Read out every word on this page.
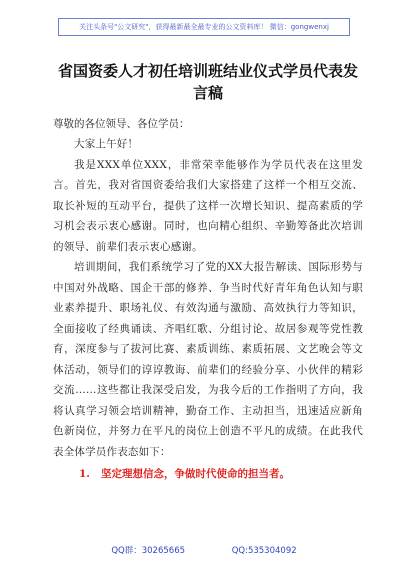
关注头条号"公文研究"，获得最新最全最专业的公文资料库！ 微信：gongwenxj
省国资委人才初任培训班结业仪式学员代表发言稿

尊敬的各位领导、各位学员：

大家上午好！

我是XXX单位XXX，非常荣幸能够作为学员代表在这里发言。首先，我对省国资委给我们大家搭建了这样一个相互交流、取长补短的互动平台，提供了这样一次增长知识、提高素质的学习机会表示衷心感谢。同时，也向精心组织、辛勤筹备此次培训的领导、前辈们表示衷心感谢。

培训期间，我们系统学习了党的XX大报告解读、国际形势与中国对外战略、国企干部的修养、争当时代好青年角色认知与职业素养提升、职场礼仪、有效沟通与激励、高效执行力等知识，全面接收了经典诵读、齐唱红歌、分组讨论、故居参观等党性教育，深度参与了拔河比赛、素质训练、素质拓展、文艺晚会等文体活动，领导们的谆谆教诲、前辈们的经验分享、小伙伴的精彩交流……这些都让我深受启发，为我今后的工作指明了方向，我将认真学习领会培训精神，勤奋工作、主动担当，迅速适应新角色新岗位，并努力在平凡的岗位上创造不平凡的成绩。在此我代表全体学员作表态如下：

1. 坚定理想信念，争做时代使命的担当者。

QQ群：30265665	QQ:535304092
